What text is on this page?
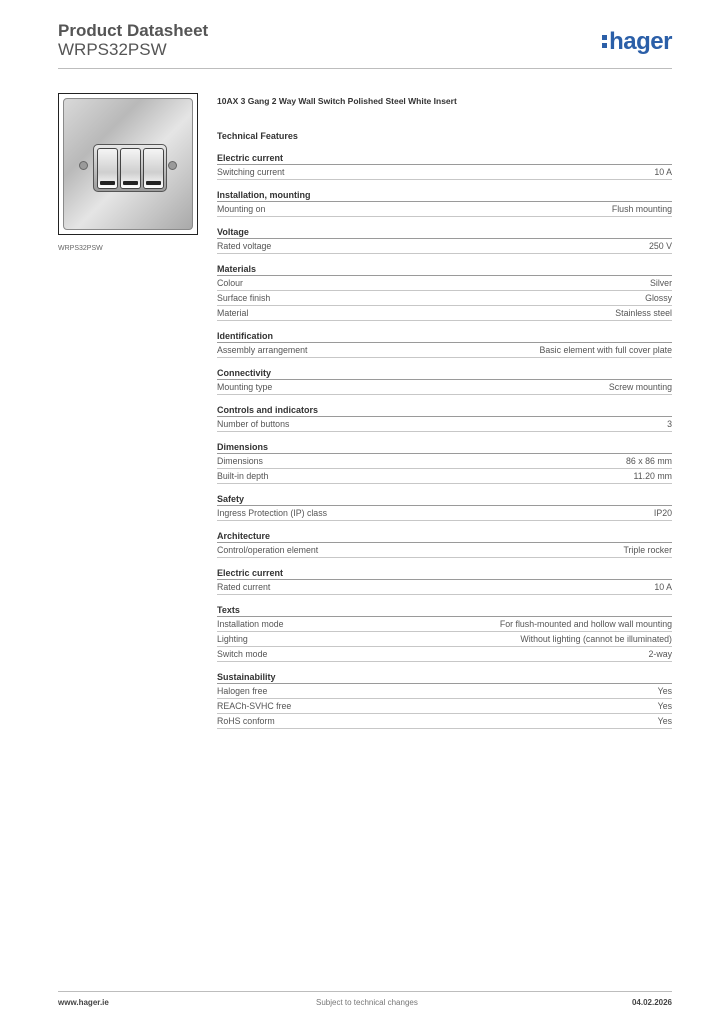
Product Datasheet
WRPS32PSW	hager
WRPS32PSW
10AX 3 Gang 2 Way Wall Switch Polished Steel White Insert
Technical Features
Electric current
Switching current	10 A
Installation, mounting
Mounting on	Flush mounting
Voltage
Rated voltage	250 V
Materials
Colour	Silver
Surface finish	Glossy
Material	Stainless steel
Identification
Assembly arrangement	Basic element with full cover plate
Connectivity
Mounting type	Screw mounting
Controls and indicators
Number of buttons	3
Dimensions
Dimensions	86 x 86 mm
Built-in depth	11.20 mm
Safety
Ingress Protection (IP) class	IP20
Architecture
Control/operation element	Triple rocker
Electric current
Rated current	10 A
Texts
Installation mode	For flush-mounted and hollow wall mounting
Lighting	Without lighting (cannot be illuminated)
Switch mode	2-way
Sustainability
Halogen free	Yes
REACh-SVHC free	Yes
RoHS conform	Yes
www.hager.ie	Subject to technical changes	04.02.2026
